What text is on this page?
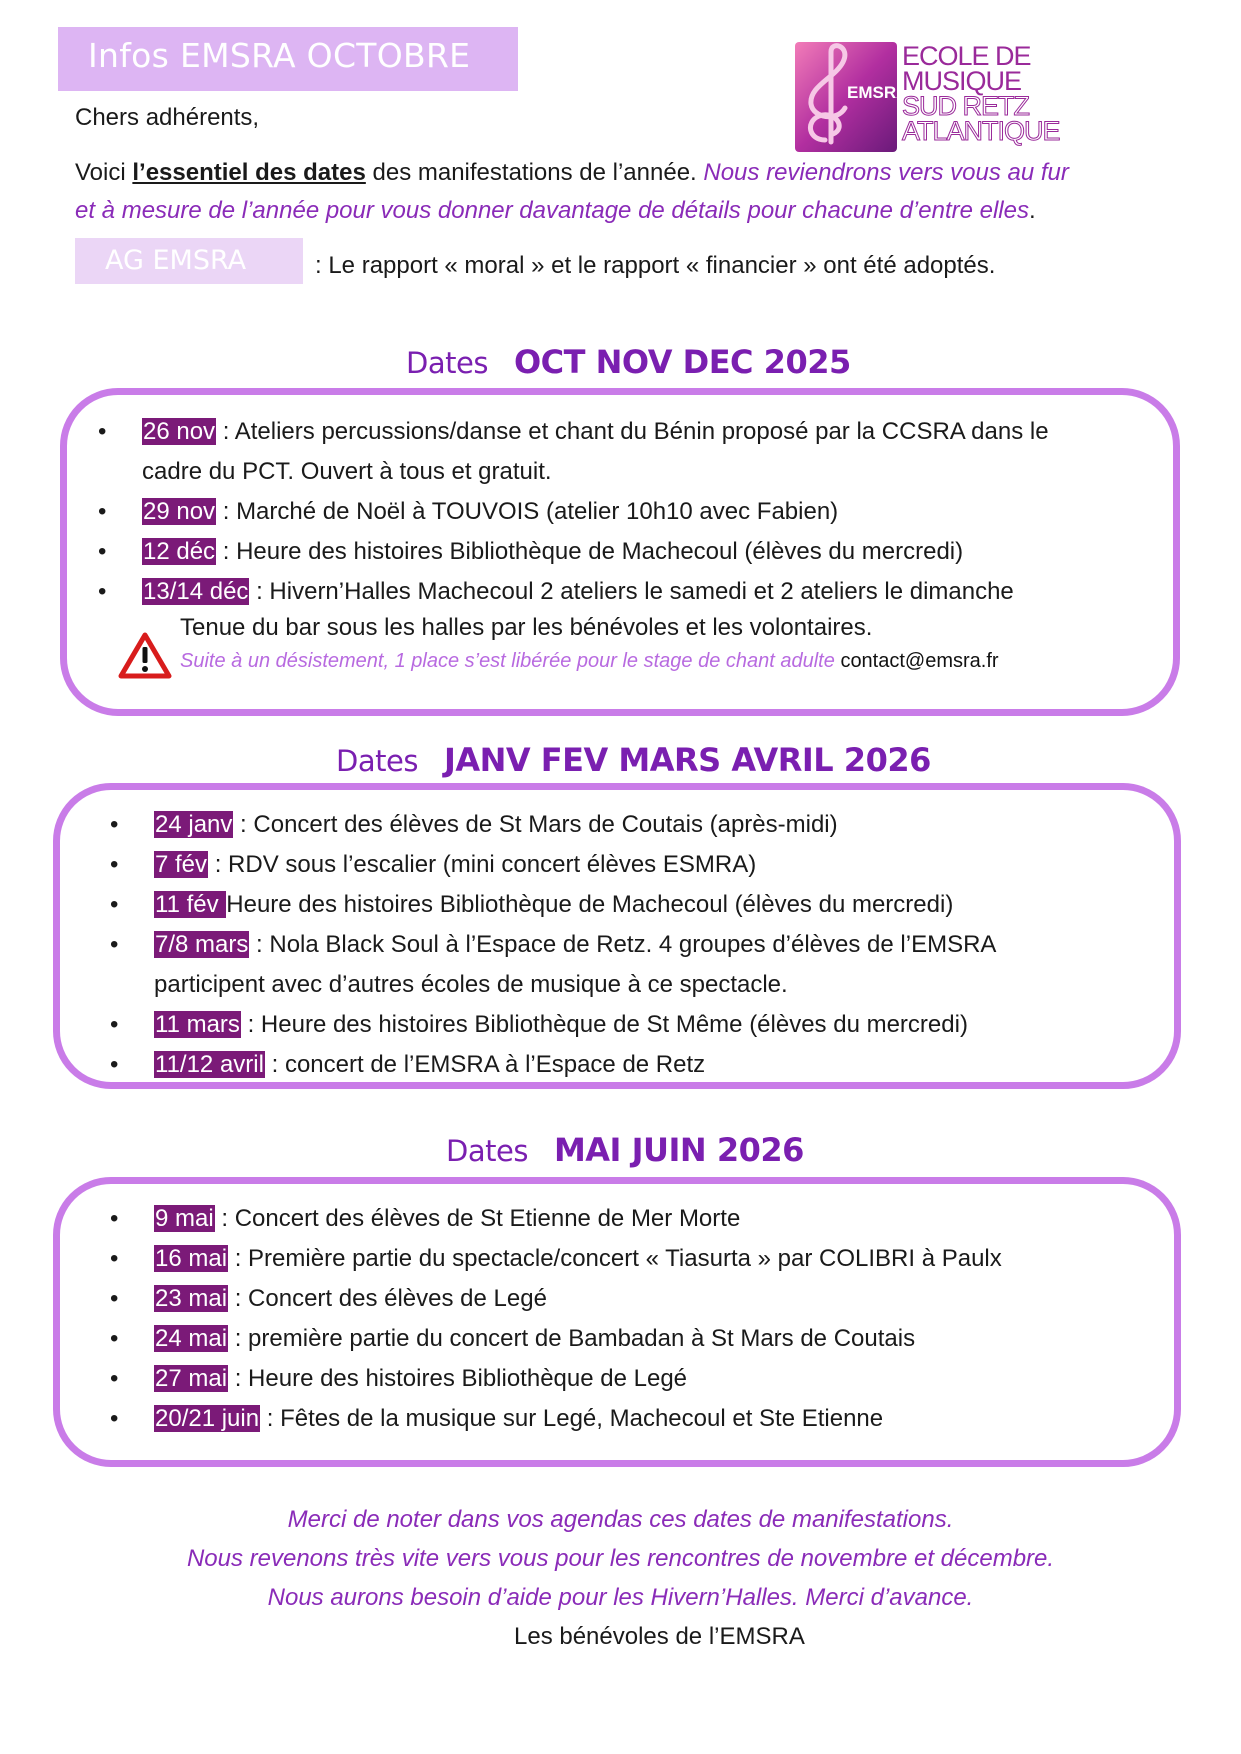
Infos EMSRA OCTOBRE
EMSRA
ECOLE DE
MUSIQUE
SUD RETZ
ATLANTIQUE
Chers adhérents,
Voici l’essentiel des dates des manifestations de l’année. Nous reviendrons vers vous au fur
et à mesure de l’année pour vous donner davantage de détails pour chacune d’entre elles.
AG EMSRA	: Le rapport « moral » et le rapport « financier » ont été adoptés.
Dates OCT NOV DEC 2025
• 26 nov : Ateliers percussions/danse et chant du Bénin proposé par la CCSRA dans le
cadre du PCT. Ouvert à tous et gratuit.
• 29 nov : Marché de Noël à TOUVOIS (atelier 10h10 avec Fabien)
• 12 déc : Heure des histoires Bibliothèque de Machecoul (élèves du mercredi)
• 13/14 déc : Hivern’Halles Machecoul 2 ateliers le samedi et 2 ateliers le dimanche
Tenue du bar sous les halles par les bénévoles et les volontaires.
Suite à un désistement, 1 place s’est libérée pour le stage de chant adulte contact@emsra.fr
Dates JANV FEV MARS AVRIL 2026
• 24 janv : Concert des élèves de St Mars de Coutais (après-midi)
• 7 fév : RDV sous l’escalier (mini concert élèves ESMRA)
• 11 fév Heure des histoires Bibliothèque de Machecoul (élèves du mercredi)
• 7/8 mars : Nola Black Soul à l’Espace de Retz. 4 groupes d’élèves de l’EMSRA
participent avec d’autres écoles de musique à ce spectacle.
• 11 mars : Heure des histoires Bibliothèque de St Même (élèves du mercredi)
• 11/12 avril : concert de l’EMSRA à l’Espace de Retz
Dates MAI JUIN 2026
• 9 mai : Concert des élèves de St Etienne de Mer Morte
• 16 mai : Première partie du spectacle/concert « Tiasurta » par COLIBRI à Paulx
• 23 mai : Concert des élèves de Legé
• 24 mai : première partie du concert de Bambadan à St Mars de Coutais
• 27 mai : Heure des histoires Bibliothèque de Legé
• 20/21 juin : Fêtes de la musique sur Legé, Machecoul et Ste Etienne
Merci de noter dans vos agendas ces dates de manifestations.
Nous revenons très vite vers vous pour les rencontres de novembre et décembre.
Nous aurons besoin d’aide pour les Hivern’Halles. Merci d’avance.
Les bénévoles de l’EMSRA
